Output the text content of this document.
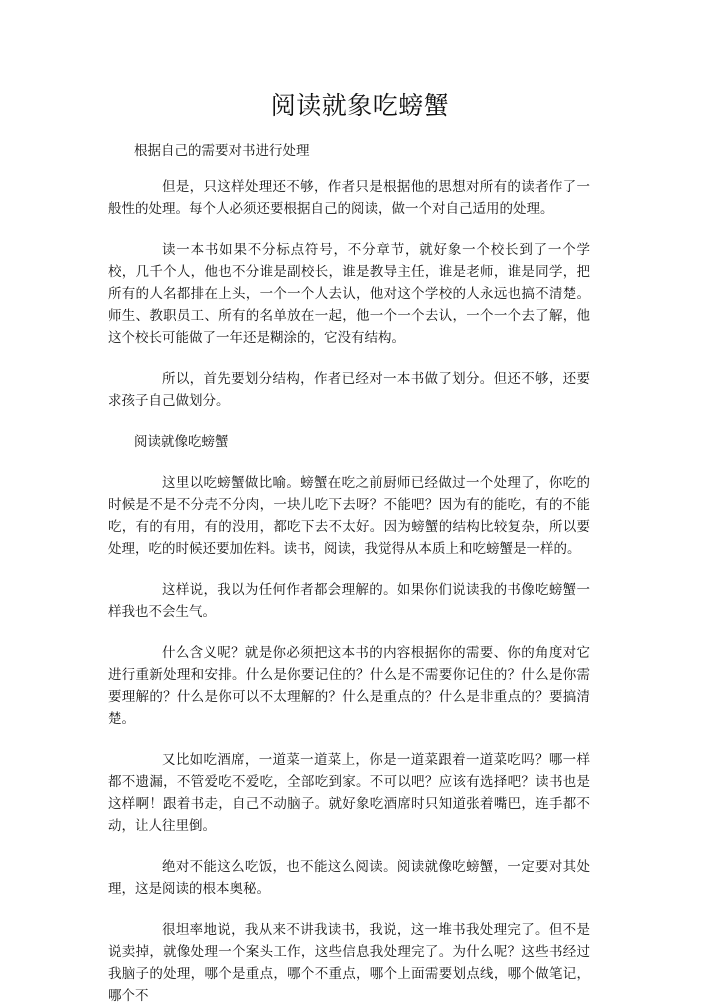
阅读就象吃螃蟹

根据自己的需要对书进行处理

但是，只这样处理还不够，作者只是根据他的思想对所有的读者作了一般性的处理。每个人必须还要根据自己的阅读，做一个对自己适用的处理。

读一本书如果不分标点符号，不分章节，就好象一个校长到了一个学校，几千个人，他也不分谁是副校长，谁是教导主任，谁是老师，谁是同学，把所有的人名都排在上头，一个一个人去认，他对这个学校的人永远也搞不清楚。师生、教职员工、所有的名单放在一起，他一个一个去认，一个一个去了解，他这个校长可能做了一年还是糊涂的，它没有结构。

所以，首先要划分结构，作者已经对一本书做了划分。但还不够，还要求孩子自己做划分。

阅读就像吃螃蟹

这里以吃螃蟹做比喻。螃蟹在吃之前厨师已经做过一个处理了，你吃的时候是不是不分壳不分肉，一块儿吃下去呀？不能吧？因为有的能吃，有的不能吃，有的有用，有的没用，都吃下去不太好。因为螃蟹的结构比较复杂，所以要处理，吃的时候还要加佐料。读书，阅读，我觉得从本质上和吃螃蟹是一样的。

这样说，我以为任何作者都会理解的。如果你们说读我的书像吃螃蟹一样我也不会生气。

什么含义呢？就是你必须把这本书的内容根据你的需要、你的角度对它进行重新处理和安排。什么是你要记住的？什么是不需要你记住的？什么是你需要理解的？什么是你可以不太理解的？什么是重点的？什么是非重点的？要搞清楚。

又比如吃酒席，一道菜一道菜上，你是一道菜跟着一道菜吃吗？哪一样都不遗漏，不管爱吃不爱吃，全部吃到家。不可以吧？应该有选择吧？读书也是这样啊！跟着书走，自己不动脑子。就好象吃酒席时只知道张着嘴巴，连手都不动，让人往里倒。

绝对不能这么吃饭，也不能这么阅读。阅读就像吃螃蟹，一定要对其处理，这是阅读的根本奥秘。

很坦率地说，我从来不讲我读书，我说，这一堆书我处理完了。但不是说卖掉，就像处理一个案头工作，这些信息我处理完了。为什么呢？这些书经过我脑子的处理，哪个是重点，哪个不重点，哪个上面需要划点线，哪个做笔记，哪个不
